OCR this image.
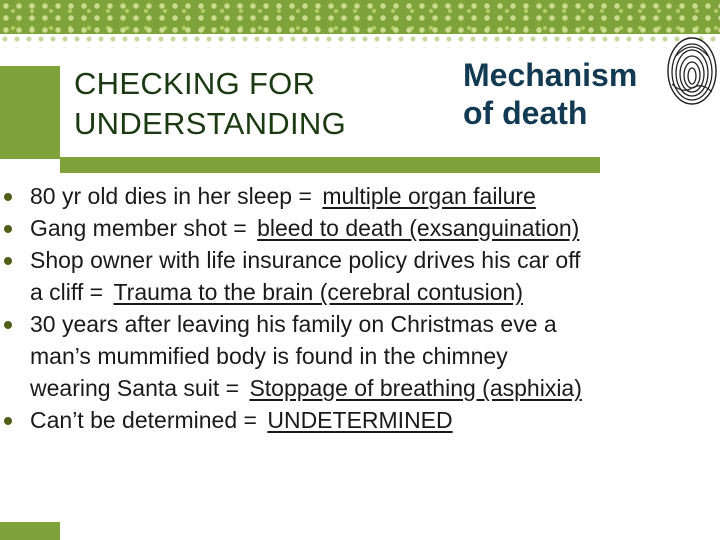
CHECKING FOR
UNDERSTANDING
Mechanism
of death
80 yr old dies in her sleep = multiple organ failure
Gang member shot = bleed to death (exsanguination)
Shop owner with life insurance policy drives his car off
a cliff = Trauma to the brain (cerebral contusion)
30 years after leaving his family on Christmas eve a
man’s mummified body is found in the chimney
wearing Santa suit = Stoppage of breathing (asphixia)
Can’t be determined = UNDETERMINED
